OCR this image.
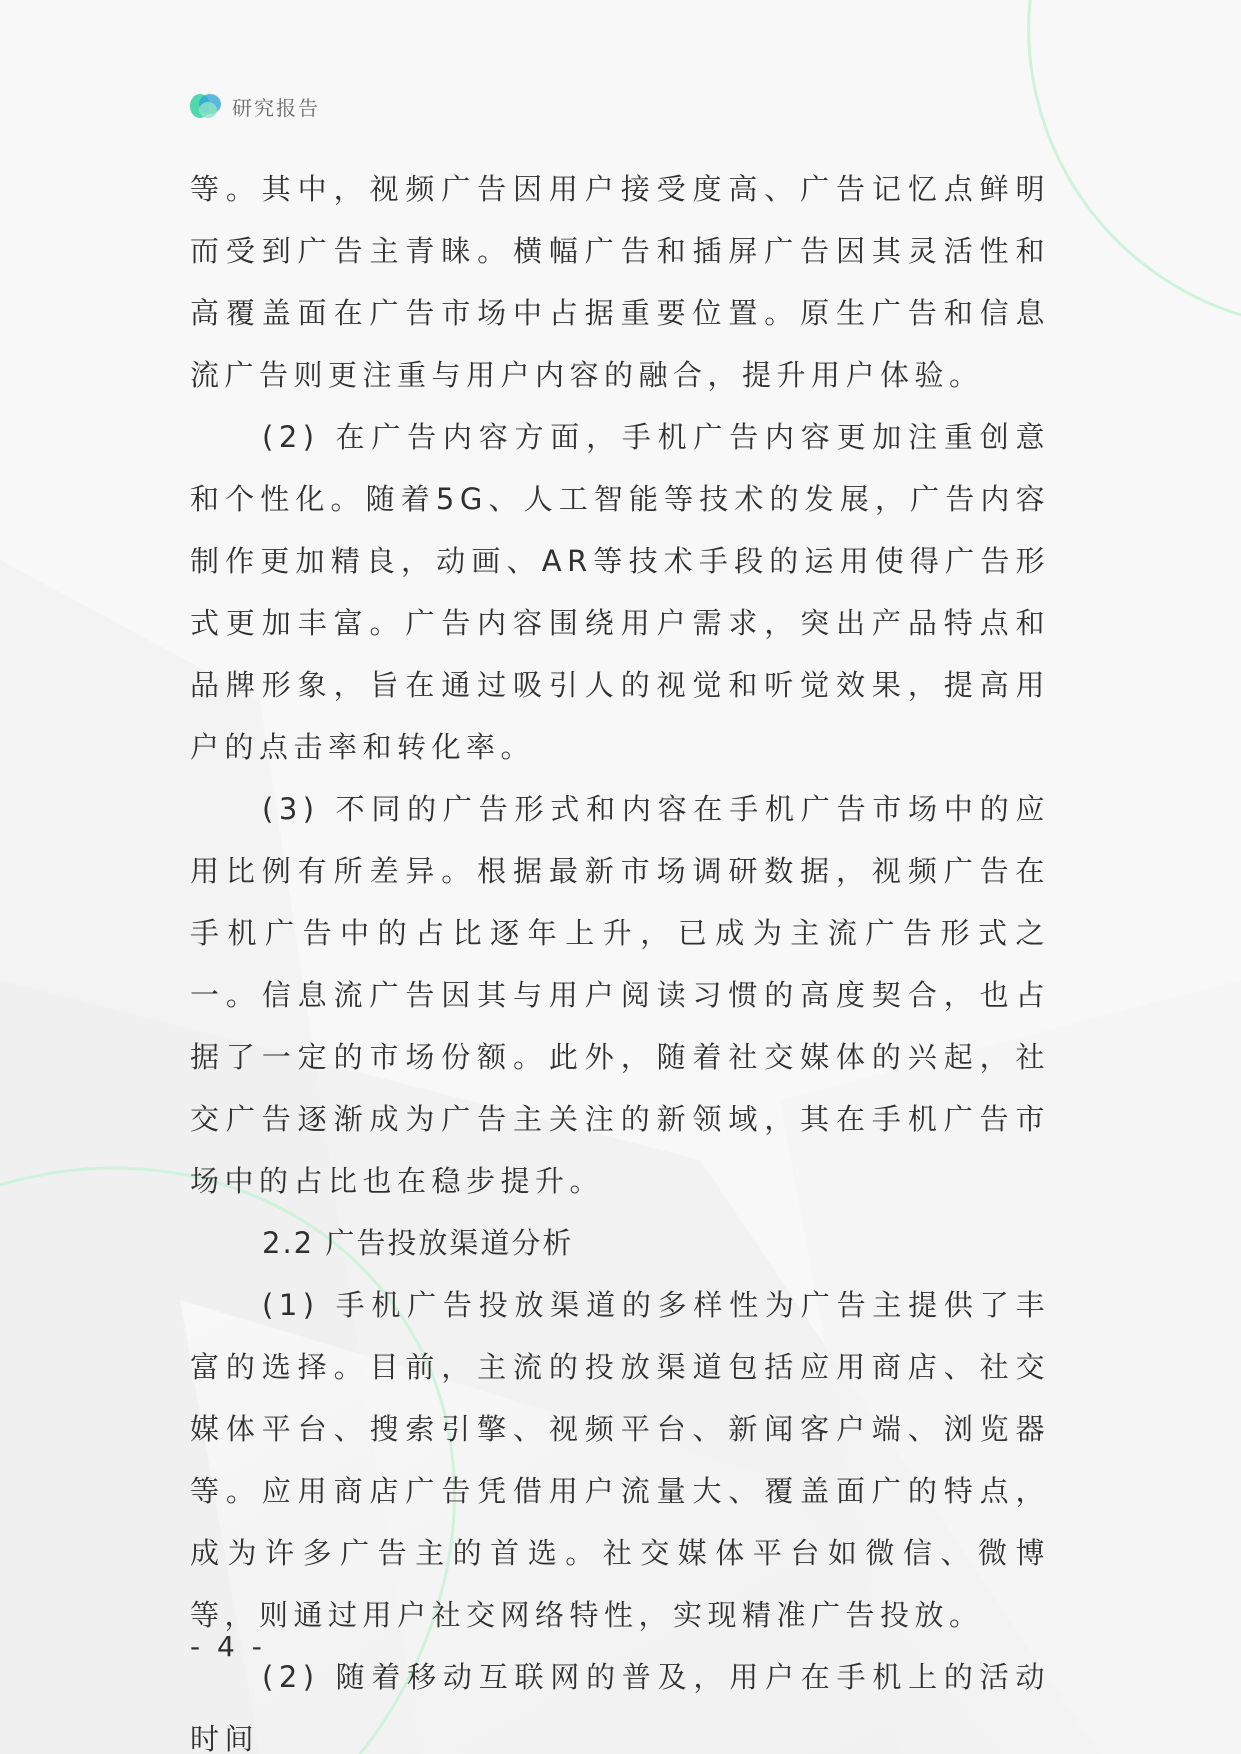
研究报告

等。其中，视频广告因用户接受度高、广告记忆点鲜明而受到广告主青睐。横幅广告和插屏广告因其灵活性和高覆盖面在广告市场中占据重要位置。原生广告和信息流广告则更注重与用户内容的融合，提升用户体验。

(2) 在广告内容方面，手机广告内容更加注重创意和个性化。随着5G、人工智能等技术的发展，广告内容制作更加精良，动画、AR等技术手段的运用使得广告形式更加丰富。广告内容围绕用户需求，突出产品特点和品牌形象，旨在通过吸引人的视觉和听觉效果，提高用户的点击率和转化率。

(3) 不同的广告形式和内容在手机广告市场中的应用比例有所差异。根据最新市场调研数据，视频广告在手机广告中的占比逐年上升，已成为主流广告形式之一。信息流广告因其与用户阅读习惯的高度契合，也占据了一定的市场份额。此外，随着社交媒体的兴起，社交广告逐渐成为广告主关注的新领域，其在手机广告市场中的占比也在稳步提升。

2.2 广告投放渠道分析

(1) 手机广告投放渠道的多样性为广告主提供了丰富的选择。目前，主流的投放渠道包括应用商店、社交媒体平台、搜索引擎、视频平台、新闻客户端、浏览器等。应用商店广告凭借用户流量大、覆盖面广的特点，成为许多广告主的首选。社交媒体平台如微信、微博等，则通过用户社交网络特性，实现精准广告投放。

(2) 随着移动互联网的普及，用户在手机上的活动时间

- 4 -
